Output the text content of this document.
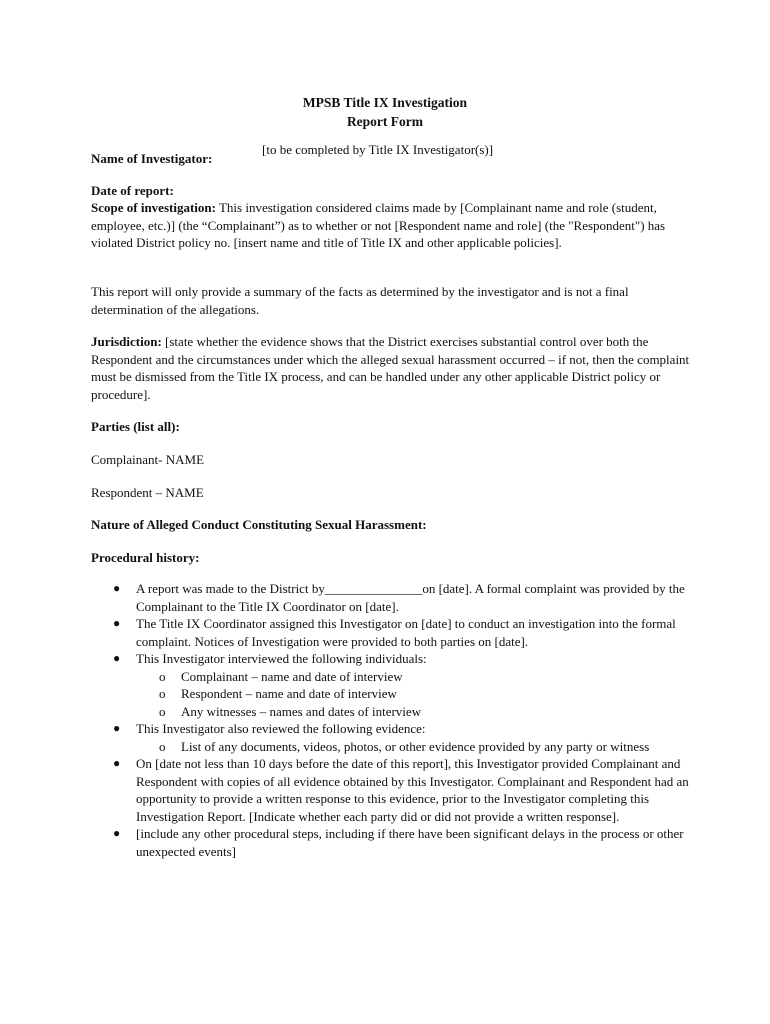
MPSB Title IX Investigation
Report Form
[to be completed by Title IX Investigator(s)]
Name of Investigator:
Date of report:

Scope of investigation: This investigation considered claims made by [Complainant name and role (student, employee, etc.)] (the “Complainant”) as to whether or not [Respondent name and role] (the "Respondent") has violated District policy no. [insert name and title of Title IX and other applicable policies].

This report will only provide a summary of the facts as determined by the investigator and is not a final determination of the allegations.

Jurisdiction: [state whether the evidence shows that the District exercises substantial control over both the Respondent and the circumstances under which the alleged sexual harassment occurred – if not, then the complaint must be dismissed from the Title IX process, and can be handled under any other applicable District policy or procedure].

Parties (list all):
Complainant- NAME
Respondent – NAME
Nature of Alleged Conduct Constituting Sexual Harassment:
Procedural history:
● A report was made to the District by_______________on [date]. A formal complaint was provided by the Complainant to the Title IX Coordinator on [date].
● The Title IX Coordinator assigned this Investigator on [date] to conduct an investigation into the formal complaint. Notices of Investigation were provided to both parties on [date].
● This Investigator interviewed the following individuals:
o Complainant – name and date of interview
o Respondent – name and date of interview
o Any witnesses – names and dates of interview
● This Investigator also reviewed the following evidence:
o List of any documents, videos, photos, or other evidence provided by any party or witness
● On [date not less than 10 days before the date of this report], this Investigator provided Complainant and Respondent with copies of all evidence obtained by this Investigator. Complainant and Respondent had an opportunity to provide a written response to this evidence, prior to the Investigator completing this Investigation Report. [Indicate whether each party did or did not provide a written response].
● [include any other procedural steps, including if there have been significant delays in the process or other unexpected events]
